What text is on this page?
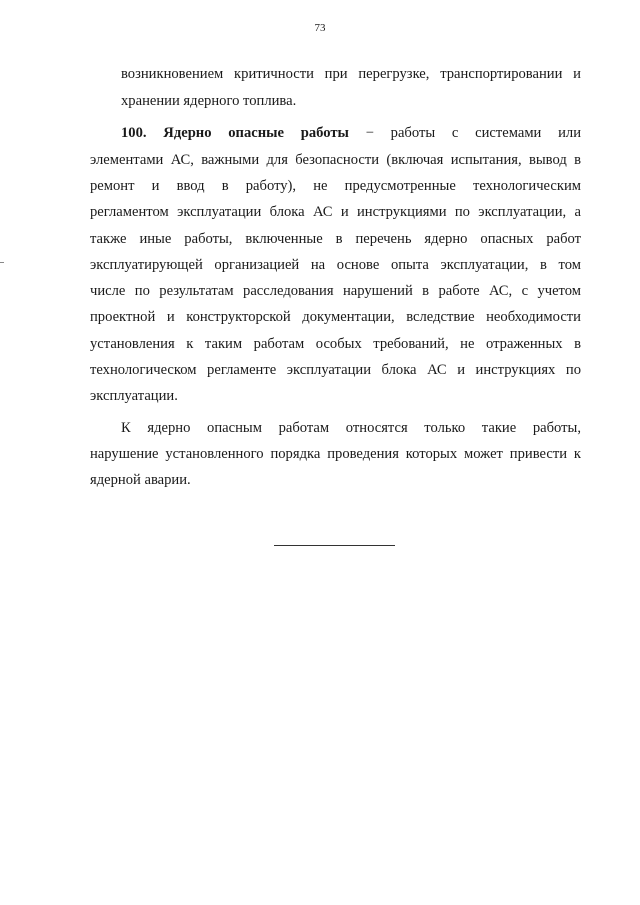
73
возникновением критичности при перегрузке, транспортировании и
хранении ядерного топлива.
100. Ядерно опасные работы − работы с системами или
элементами АС, важными для безопасности (включая испытания, вывод в
ремонт и ввод в работу), не предусмотренные технологическим
регламентом эксплуатации блока АС и инструкциями по эксплуатации, а
также иные работы, включенные в перечень ядерно опасных работ
эксплуатирующей организацией на основе опыта эксплуатации, в том
числе по результатам расследования нарушений в работе АС, с учетом
проектной и конструкторской документации, вследствие необходимости
установления к таким работам особых требований, не отраженных в
технологическом регламенте эксплуатации блока АС и инструкциях по
эксплуатации.
К ядерно опасным работам относятся только такие работы,
нарушение установленного порядка проведения которых может привести к
ядерной аварии.
